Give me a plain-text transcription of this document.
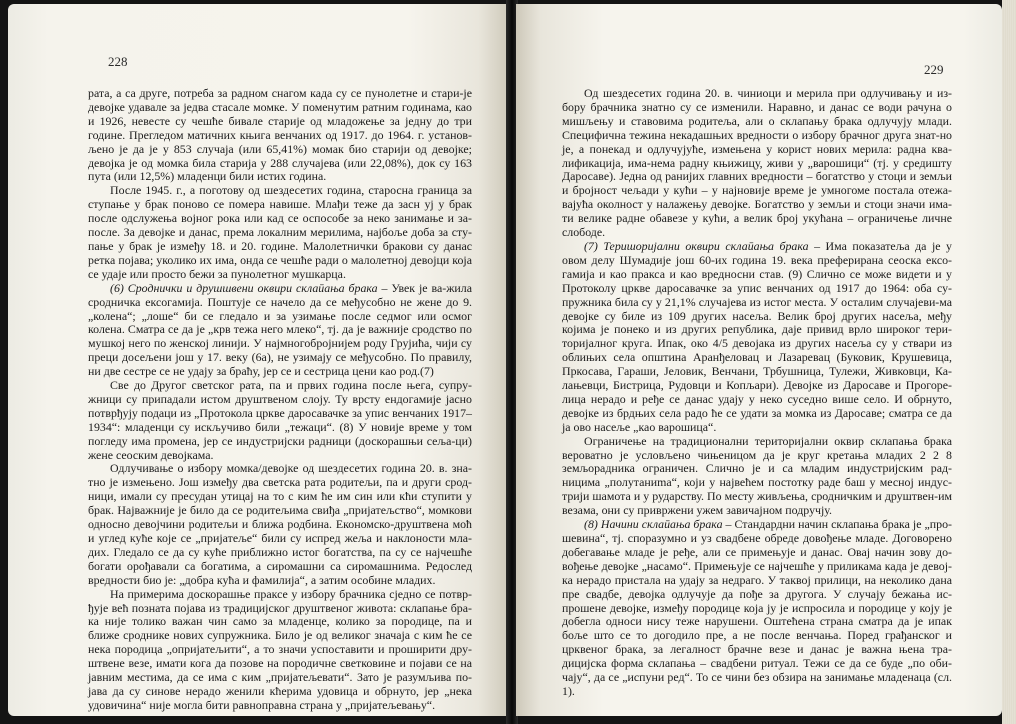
228

рата, а са друге, потреба за радном снагом када су се пунолетне и стари-је девојке удавале за једва стасале момке. У поменутим ратним годинама, као и 1926, невесте су чешће бивале старије од младожење за једну до три године. Прегледом матичних књига венчаних од 1917. до 1964. г. установ-љено је да је у 853 случаја (или 65,41%) момак био старији од девојке; девојка је од момка била старија у 288 случајева (или 22,08%), док су 163 пута (или 12,5%) младенци били истих година.

После 1945. г., а поготову од шездесетих година, старосна граница за ступање у брак поново се померa навише. Млађи теже да засн уј у брак после одслужења војног рока или кад се оспособе за неко занимање и за-после. За девојке и данас, према локалним мерилима, најбоље доба за сту-пање у брак је између 18. и 20. године. Малолетнички бракови су данас ретка појава; уколико их има, онда се чешће ради о малолетној девојци која се удаје или просто бежи за пунолетног мушкарца.

(6) Сродничкu u друшшвенu оквирu склаӣања брака – Увек је ва-жила сродничка ексогамија. Поштује се начело да се међусобно не жене до 9. „колена“; „лоше“ би се гледало и за узимање после седмог или осмог колена. Сматра се да је „крв тежа него млеко“, тј. да је важније сродство по мушкој него по женској линији. У најмногобројнијем роду Грујића, чији су преци досељени још у 17. веку (6а), не узимају се међусобно. По правилу, ни две сестре се не удају за браћу, јер се и сестрица цени као род.(7)

Све до Другог светског рата, па и првих година после њега, супру-жници су припадали истом друштвеном слоју. Ту врсту ендогамије јасно потврђују подаци из „Протокола цркве даросавачке за упис венчаних 1917–1934“: младенци су искључиво били „тежаци“. (8) У новије време у том погледу има промена, јер се индустријски радници (доскорашњи сеља-ци) жене сеоским девојкама.

Одлучивање о избору момка/девојке од шездесетих година 20. в. зна-тно је измењено. Још између два светска рата родитељи, па и други срод-ници, имали су пресудан утицај на то с ким ће им син или кћи ступити у брак. Најважније је било да се родитељима свиђа „пријатељство“, момкови односно девојчини родитељи и ближа родбина. Економско-друштвена моћ и углед куће које се „пријатеље“ били су испред жеља и наклоности мла-дих. Гледало се да су куће приближно истог богатства, па су се најчешће богати орођавали са богатима, а сиромашни са сиромашнима. Редослед вредности био је: „добра кућа и фамилија“, а затим особине младих.

На примерима доскорашње праксе у избору брачника сједно се потвр-ђује већ позната појава из традицијског друштвеног живота: склапање бра-ка није толико важан чин само за младенце, колико за породице, па и ближе сроднике нових супружника. Било је од великог значаја с ким ће се нека породица „опријатељити“, а то значи успоставити и проширити дру-штвене везе, имати кога да позове на породичне светковине и појави се на јавним местима, да се има с ким „пријатељевати“. Зато је разумљива по-јава да су синове нерадо женили кћерима удовица и обрнуто, јер „нека удовичина“ није могла бити равноправна страна у „пријатељевању“.

229

Од шездесетих година 20. в. чиниоци и мерила при одлучивању и из-бору брачника знатно су се изменили. Наравно, и данас се води рачуна о мишљењу и ставовима родитеља, али о склапању брака одлучују млади. Специфична тежина некадашњих вредности о избору брачног друга знат-но је, а понекад и одлучујуће, измењена у корист нових мерила: радна ква-лификација, има-нема радну књижицу, живи у „варошици“ (тј. у средишту Даросаве). Једна од ранијих главних вредности – богатство у стоци и земљи и бројност чељади у кући – у најновије време је умногоме постала отежа-вајућа околност у налажењу девојке. Богатство у земљи и стоци значи има-ти велике радне обавезе у кући, а велик број укућана – ограничење личне слободе.

(7) Терuшорuјалнu оквuрu склаӣања брака – Има показатеља да је у овом делу Шумадије још 60-их година 19. века преферирана сеоска ексо-гамија и као пракса и као вредносни став. (9) Слично се може видети и у Протоколу цркве даросавачке за упис венчаних од 1917 до 1964: оба су-пружника била су у 21,1% случајева из истог места. У осталим случајеви-ма девојке су биле из 109 других насеља. Велик број других насеља, међу којима је понеко и из других република, даје привид врло широког тери-торијалног круга. Ипак, око 4/5 девојака из других насеља су у ствари из облињих села општина Аранђеловац и Лазаревац (Буковик, Крушевица, Пркосава, Гараши, Јеловик, Венчани, Трбушница, Тулежи, Живковци, Ка-лањевци, Бистрица, Рудовци и Копљари). Девојке из Даросаве и Прогоре-лица нерадо и ређе се данас удају у неко суседно више село. И обрнуто, девојке из брдњих села радо ће се удати за момка из Даросаве; сматра се да ја ово насеље „као варошица“.

Ограничење на традиционални територијални оквир склапања брака вероватно је условљено чињеницом да је круг кретања младих 2 2 8 земљорадника ограничен. Слично је и са младим индустријским рад-ницима „полутаниma“, који у највећем постотку раде баш у месној индус-трији шамота и у рударству. По месту живљења, сродничким и друштвен-им везама, они су привржени ужем завичајном подручју.

(8) Начини склаӣања брака – Стандардни начин склапања брака је „про-шевина“, тј. споразумно и уз свадбене обреде довођење младе. Договорено добегавање младе је ређе, али се примењује и данас. Овај начин зову до-вођење девојке „насамо“. Примењује се најчешће у приликама када је девој-ка нерадо пристала на удају за недраго. У таквој прилици, на неколико дана пре свадбе, девојка одлучује да пође за другога. У случају бежања ис-прошене девојке, између породице која ју је испросила и породице у коју је добегла односи нису теже нарушени. Оштећена страна сматра да је ипак боље што се то догодило пре, а не после венчања. Поред грађанског и црквеног брака, за легалност брачне везе и данас је важна њена тра-дицијска форма склапања – свадбени ритуал. Тежи се да се буде „по оби-чају“, да се „испуни ред“. То се чини без обзира на занимање младенаца (сл. 1).
